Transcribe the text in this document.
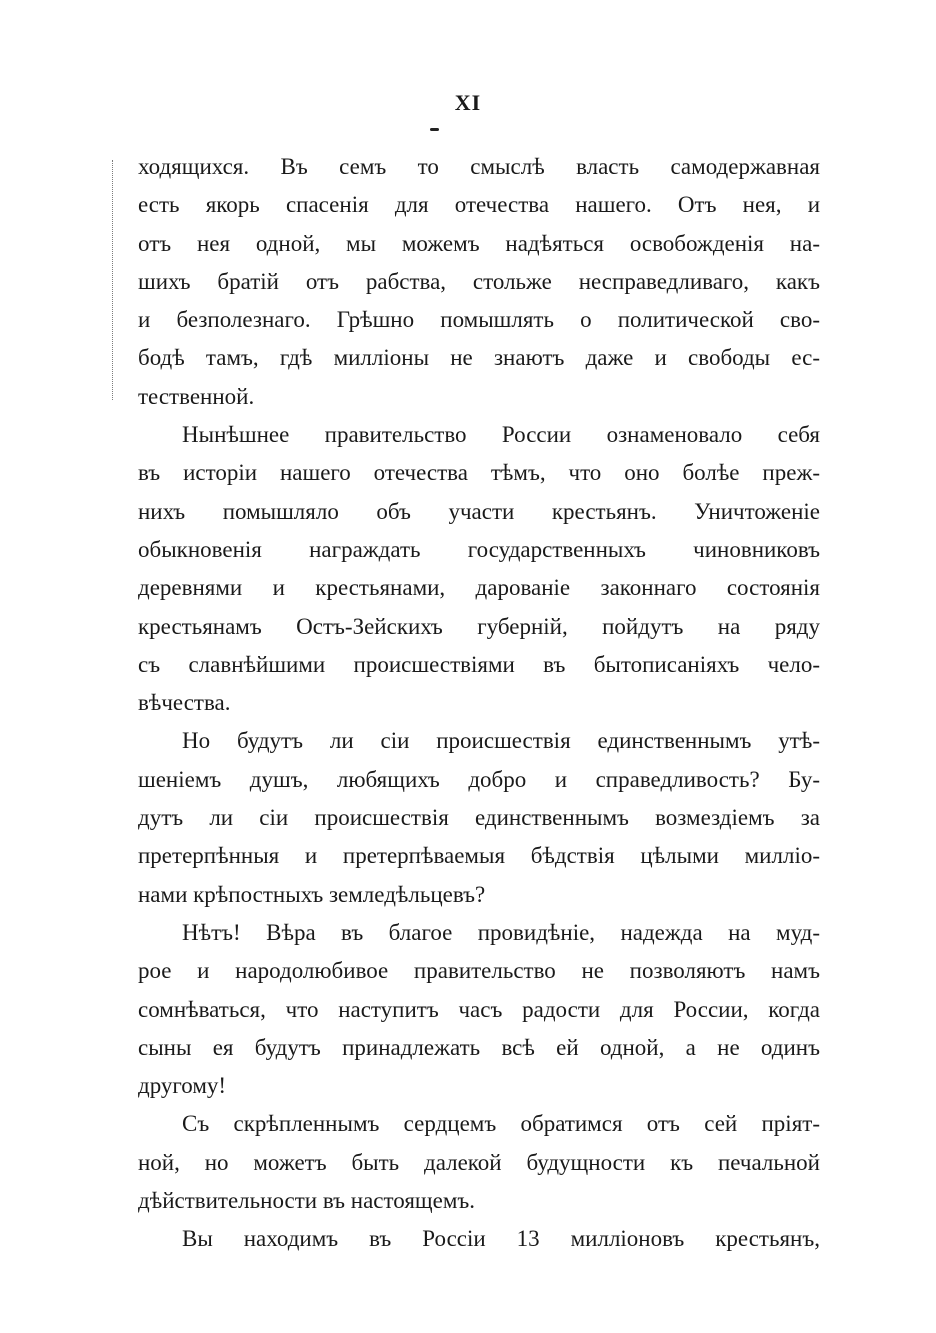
XI
ходящихся. Въ семъ то смыслѣ власть самодержавная
есть якорь спасенія для отечества нашего. Отъ нея, и
отъ нея одной, мы можемъ надѣяться освобожденія на-
шихъ братій отъ рабства, стольже несправедливаго, какъ
и безполезнаго. Грѣшно помышлять о политической сво-
бодѣ тамъ, гдѣ милліоны не знаютъ даже и свободы ес-
тественной.
Нынѣшнее правительство России ознаменовало себя
въ исторіи нашего отечества тѣмъ, что оно болѣе преж-
нихъ помышляло объ участи крестьянъ. Уничтоженіе
обыкновенія награждать государственныхъ чиновниковъ
деревнями и крестьянами, дарованіе законнаго состоянія
крестьянамъ Остъ-Зейскихъ губерній, пойдутъ на ряду
съ славнѣйшими происшествіями въ бытописаніяхъ чело-
вѣчества.
Но будутъ ли сіи происшествія единственнымъ утѣ-
шеніемъ душъ, любящихъ добро и справедливость? Бу-
дутъ ли сіи происшествія единственнымъ возмездіемъ за
претерпѣнныя и претерпѣваемыя бѣдствія цѣлыми милліо-
нами крѣпостныхъ земледѣльцевъ?
Нѣтъ! Вѣра въ благое провидѣніе, надежда на муд-
рое и народолюбивое правительство не позволяютъ намъ
сомнѣваться, что наступитъ часъ радости для России, когда
сыны ея будутъ принадлежать всѣ ей одной, а не одинъ
другому!
Съ скрѣпленнымъ сердцемъ обратимся отъ сей пріят-
ной, но можетъ быть далекой будущности къ печальной
дѣйствительности въ настоящемъ.
Вы находимъ въ Россіи 13 милліоновъ крестьянъ,
